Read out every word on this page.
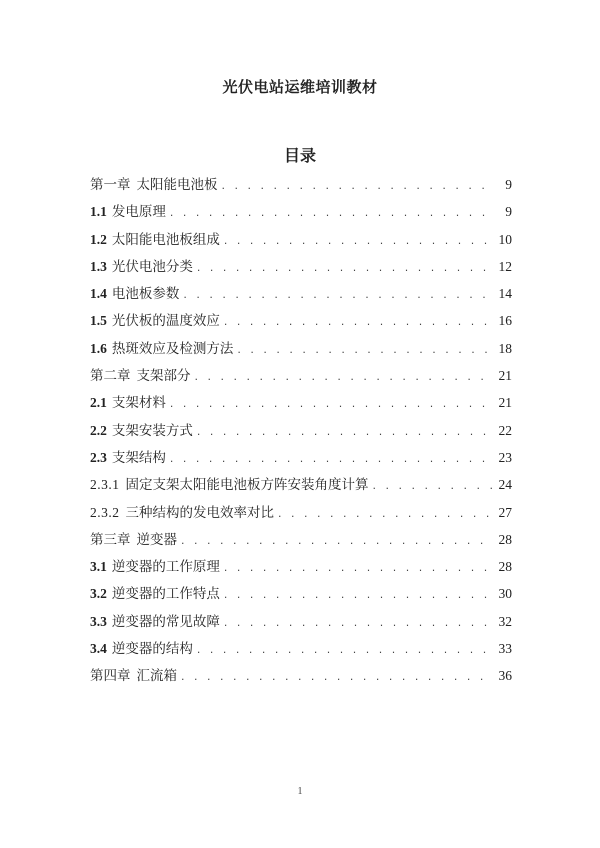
光伏电站运维培训教材
目录
第一章 太阳能电池板 . . .	9
1.1 发电原理 . . .	9
1.2 太阳能电池板组成 . . .	10
1.3 光伏电池分类 . . .	12
1.4 电池板参数 . . .	14
1.5 光伏板的温度效应 . . .	16
1.6 热斑效应及检测方法 . . .	18
第二章 支架部分 . . .	21
2.1 支架材料 . . .	21
2.2 支架安装方式 . . .	22
2.3 支架结构 . . .	23
2.3.1 固定支架太阳能电池板方阵安装角度计算 . . .	24
2.3.2 三种结构的发电效率对比 . . .	27
第三章 逆变器 . . .	28
3.1 逆变器的工作原理 . . .	28
3.2 逆变器的工作特点 . . .	30
3.3 逆变器的常见故障 . . .	32
3.4 逆变器的结构 . . .	33
第四章 汇流箱 . . .	36
1
